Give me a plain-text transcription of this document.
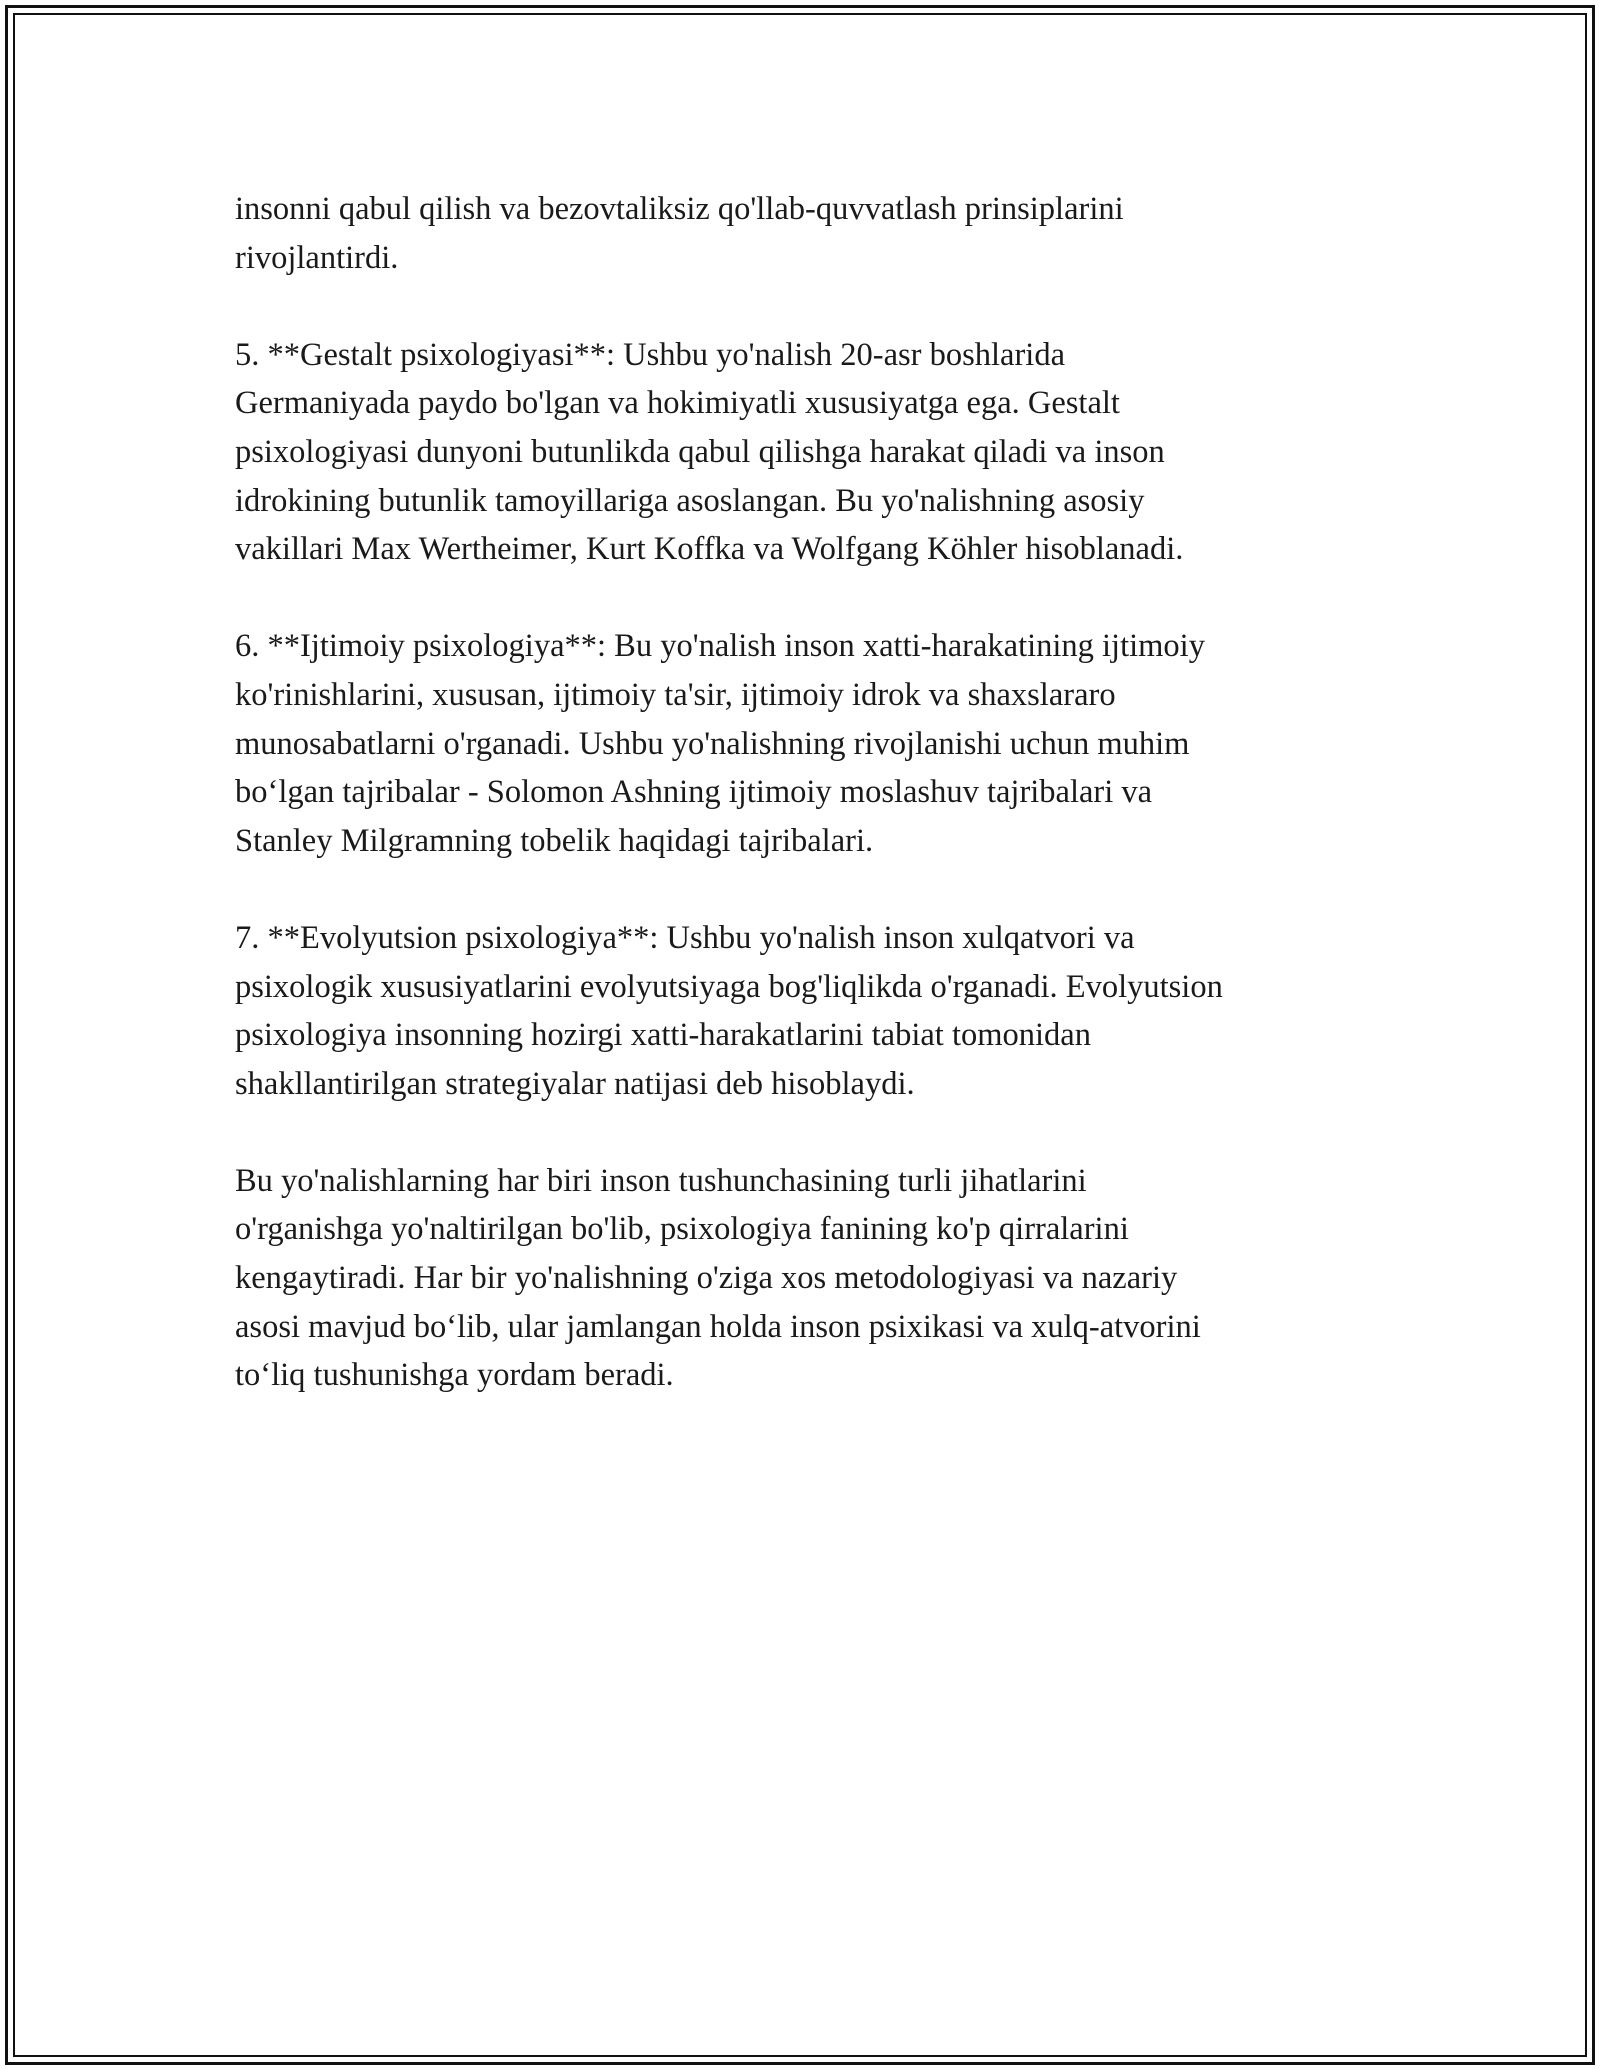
insonni qabul qilish va bezovtaliksiz qo'llab-quvvatlash prinsiplarini
rivojlantirdi.

5. **Gestalt psixologiyasi**: Ushbu yo'nalish 20-asr boshlarida
Germaniyada paydo bo'lgan va hokimiyatli xususiyatga ega. Gestalt
psixologiyasi dunyoni butunlikda qabul qilishga harakat qiladi va inson
idrokining butunlik tamoyillariga asoslangan. Bu yo'nalishning asosiy
vakillari Max Wertheimer, Kurt Koffka va Wolfgang Köhler hisoblanadi.

6. **Ijtimoiy psixologiya**: Bu yo'nalish inson xatti-harakatining ijtimoiy
ko'rinishlarini, xususan, ijtimoiy ta'sir, ijtimoiy idrok va shaxslararo
munosabatlarni o'rganadi. Ushbu yo'nalishning rivojlanishi uchun muhim
bo‘lgan tajribalar - Solomon Ashning ijtimoiy moslashuv tajribalari va
Stanley Milgramning tobelik haqidagi tajribalari.

7. **Evolyutsion psixologiya**: Ushbu yo'nalish inson xulqatvori va
psixologik xususiyatlarini evolyutsiyaga bog'liqlikda o'rganadi. Evolyutsion
psixologiya insonning hozirgi xatti-harakatlarini tabiat tomonidan
shakllantirilgan strategiyalar natijasi deb hisoblaydi.

Bu yo'nalishlarning har biri inson tushunchasining turli jihatlarini
o'rganishga yo'naltirilgan bo'lib, psixologiya fanining ko'p qirralarini
kengaytiradi. Har bir yo'nalishning o'ziga xos metodologiyasi va nazariy
asosi mavjud bo‘lib, ular jamlangan holda inson psixikasi va xulq-atvorini
to‘liq tushunishga yordam beradi.
